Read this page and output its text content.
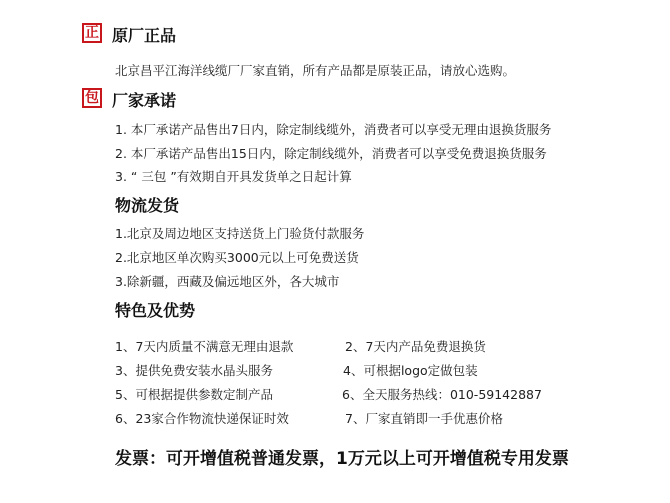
正 原厂正品
北京昌平江海洋线缆厂厂家直销，所有产品都是原装正品，请放心选购。
包 厂家承诺
1. 本厂承诺产品售出7日内，除定制线缆外，消费者可以享受无理由退换货服务
2. 本厂承诺产品售出15日内，除定制线缆外，消费者可以享受免费退换货服务
3. “ 三包 ”有效期自开具发货单之日起计算
物流发货
1.北京及周边地区支持送货上门验货付款服务
2.北京地区单次购买3000元以上可免费送货
3.除新疆，西藏及偏远地区外，各大城市
特色及优势
1、7天内质量不满意无理由退款
3、提供免费安装水晶头服务
5、可根据提供参数定制产品
6、23家合作物流快递保证时效
2、7天内产品免费退换货
4、可根据logo定做包装
6、全天服务热线：010-59142887
7、厂家直销即一手优惠价格
发票：可开增值税普通发票，1万元以上可开增值税专用发票
